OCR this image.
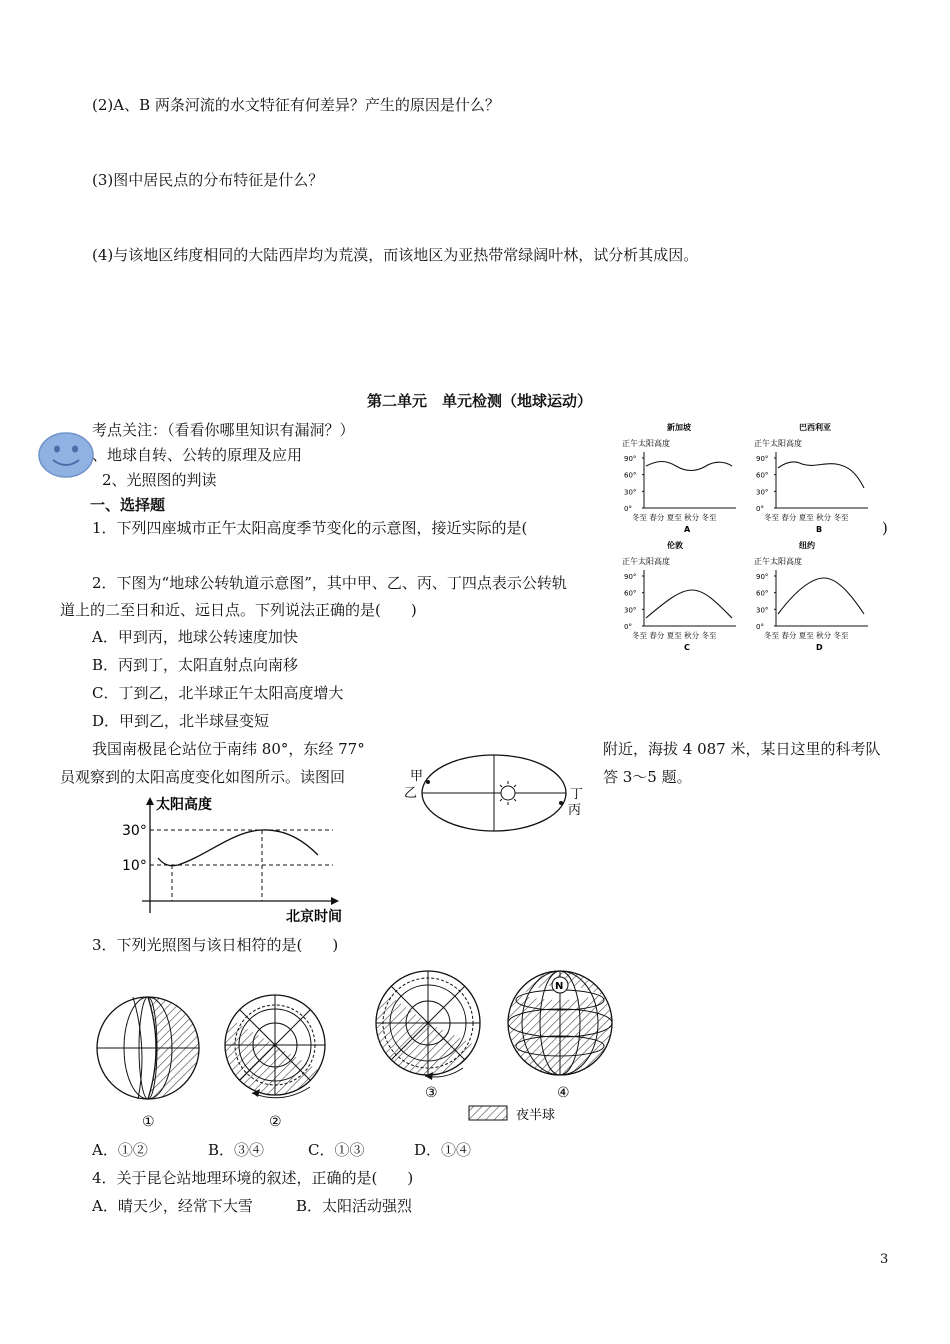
(2)A、B 两条河流的水文特征有何差异？产生的原因是什么？
(3)图中居民点的分布特征是什么？
(4)与该地区纬度相同的大陆西岸均为荒漠，而该地区为亚热带常绿阔叶林，试分析其成因。
第二单元　单元检测（地球运动）
考点关注：（看看你哪里知识有漏洞？）
、地球自转、公转的原理及应用
2、光照图的判读
一、选择题
1．下列四座城市正午太阳高度季节变化的示意图，接近实际的是(	)
新加坡
正午太阳高度
90°
60°
30°
0°
冬至 春分 夏至 秋分 冬至
A
巴西利亚
正午太阳高度
90°
60°
30°
0°
冬至 春分 夏至 秋分 冬至
B
伦敦
正午太阳高度
90°
60°
30°
0°
冬至 春分 夏至 秋分 冬至
C
纽约
正午太阳高度
90°
60°
30°
0°
冬至 春分 夏至 秋分 冬至
D
2．下图为“地球公转轨道示意图”，其中甲、乙、丙、丁四点表示公转轨
道上的二至日和近、远日点。下列说法正确的是(　　)
A．甲到丙，地球公转速度加快
B．丙到丁，太阳直射点向南移
C．丁到乙，北半球正午太阳高度增大
D．甲到乙，北半球昼变短
我国南极昆仑站位于南纬 80°，东经 77°	附近，海拔 4 087 米，某日这里的科考队
员观察到的太阳高度变化如图所示。读图回	答 3～5 题。
甲
乙	丁
丙
太阳高度
30°
10°
北京时间
3．下列光照图与该日相符的是(　　)
①	②
③
N
④
夜半球
A．①②	B．③④	C．①③	D．①④
4．关于昆仑站地理环境的叙述，正确的是(　　)
A．晴天少，经常下大雪	B．太阳活动强烈
3
